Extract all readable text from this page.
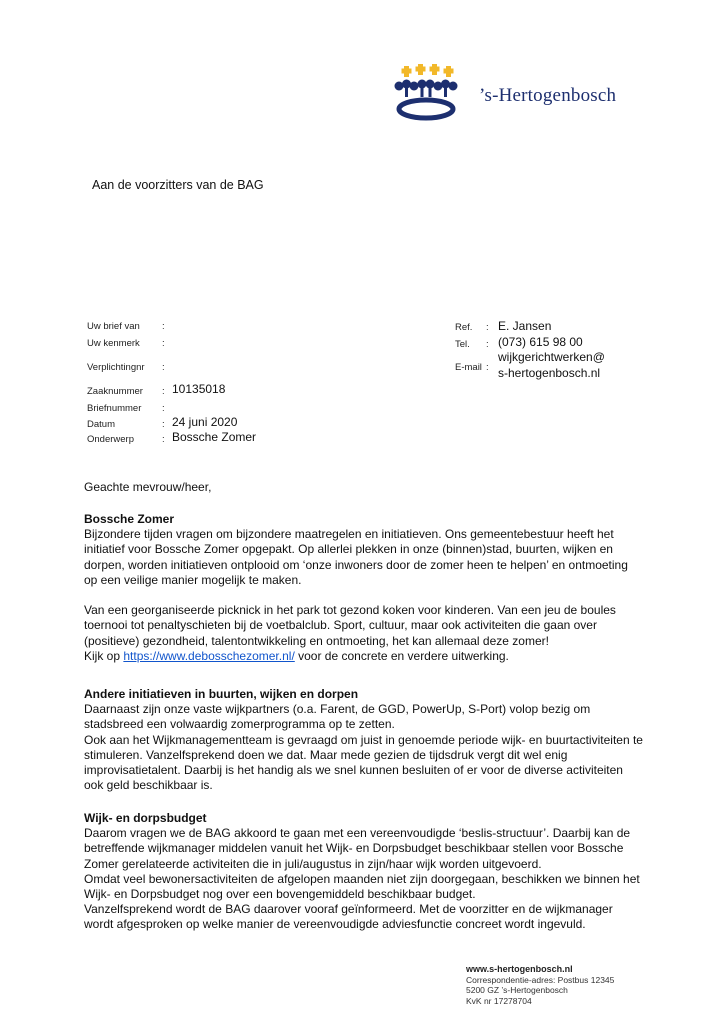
’s-Hertogenbosch
Aan de voorzitters van de BAG
Uw brief van :
Uw kenmerk :
Verplichtingnr :
Zaaknummer : 10135018
Briefnummer :
Datum	: 24 juni 2020
Onderwerp	: Bossche Zomer
Ref. : E. Jansen
Tel. : (073) 615 98 00
E-mail :
wijkgerichtwerken@
s-hertogenbosch.nl
Geachte mevrouw/heer,
Bossche Zomer

Bijzondere tijden vragen om bijzondere maatregelen en initiatieven. Ons gemeentebestuur heeft het initiatief voor Bossche Zomer opgepakt. Op allerlei plekken in onze (binnen)stad, buurten, wijken en dorpen, worden initiatieven ontplooid om ‘onze inwoners door de zomer heen te helpen’ en ontmoeting op een veilige manier mogelijk te maken.

Van een georganiseerde picknick in het park tot gezond koken voor kinderen. Van een jeu de boules toernooi tot penaltyschieten bij de voetbalclub. Sport, cultuur, maar ook activiteiten die gaan over (positieve) gezondheid, talentontwikkeling en ontmoeting, het kan allemaal deze zomer!

Kijk op https://www.debosschezomer.nl/ voor de concrete en verdere uitwerking.

Andere initiatieven in buurten, wijken en dorpen

Daarnaast zijn onze vaste wijkpartners (o.a. Farent, de GGD, PowerUp, S-Port) volop bezig om stadsbreed een volwaardig zomerprogramma op te zetten.

Ook aan het Wijkmanagementteam is gevraagd om juist in genoemde periode wijk- en buurtactiviteiten te stimuleren. Vanzelfsprekend doen we dat. Maar mede gezien de tijdsdruk vergt dit wel enig improvisatietalent. Daarbij is het handig als we snel kunnen besluiten of er voor de diverse activiteiten ook geld beschikbaar is.

Wijk- en dorpsbudget

Daarom vragen we de BAG akkoord te gaan met een vereenvoudigde ‘beslis-structuur’. Daarbij kan de betreffende wijkmanager middelen vanuit het Wijk- en Dorpsbudget beschikbaar stellen voor Bossche Zomer gerelateerde activiteiten die in juli/augustus in zijn/haar wijk worden uitgevoerd.

Omdat veel bewonersactiviteiten de afgelopen maanden niet zijn doorgegaan, beschikken we binnen het Wijk- en Dorpsbudget nog over een bovengemiddeld beschikbaar budget.

Vanzelfsprekend wordt de BAG daarover vooraf geïnformeerd. Met de voorzitter en de wijkmanager wordt afgesproken op welke manier de vereenvoudigde adviesfunctie concreet wordt ingevuld.

www.s-hertogenbosch.nl
Correspondentie-adres: Postbus 12345
5200 GZ ’s-Hertogenbosch
KvK nr 17278704
